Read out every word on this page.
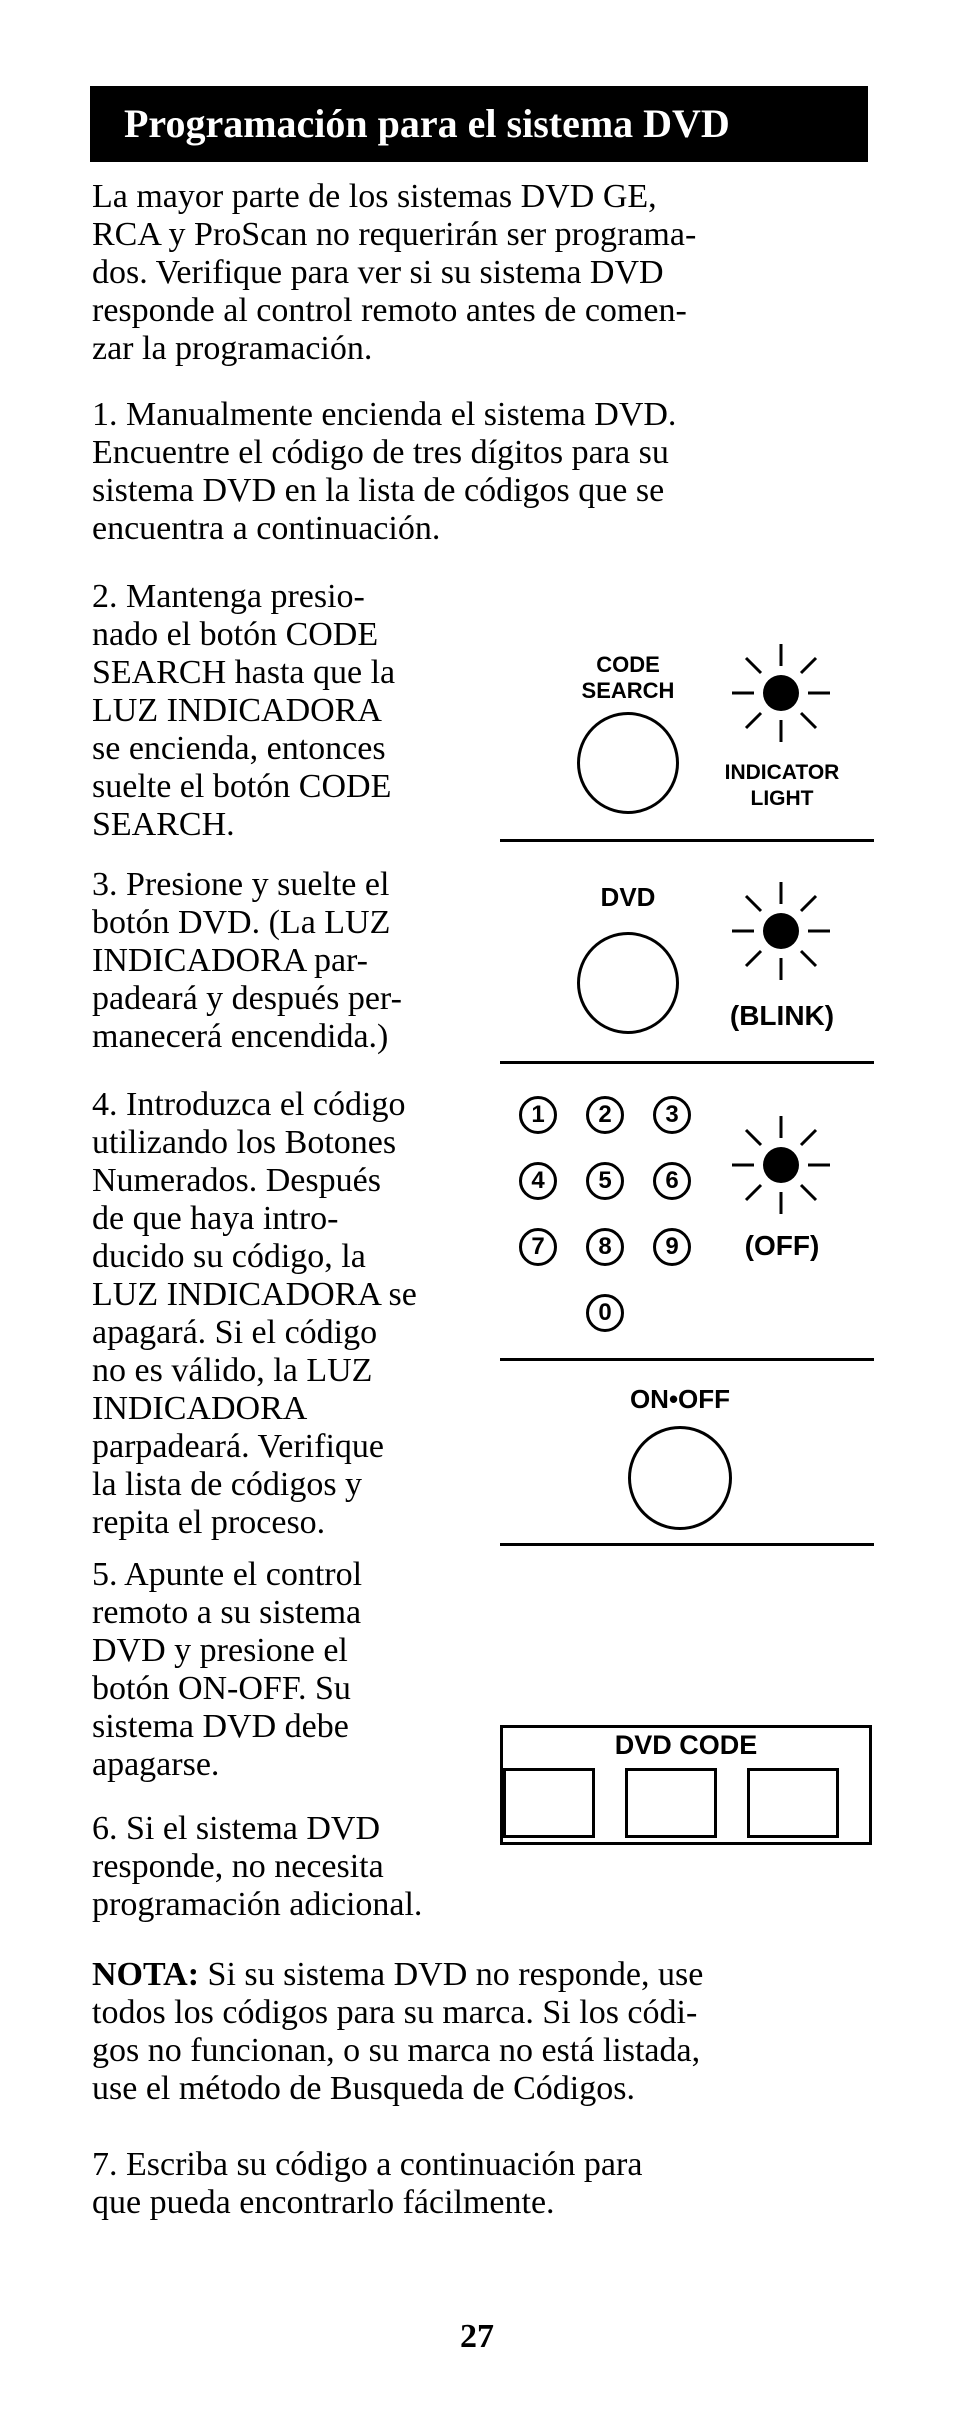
Programación para el sistema DVD
La mayor parte de los sistemas DVD GE,
RCA y ProScan no requerirán ser programa-
dos. Verifique para ver si su sistema DVD
responde al control remoto antes de comen-
zar la programación.
1. Manualmente encienda el sistema DVD.
Encuentre el código de tres dígitos para su
sistema DVD en la lista de códigos que se
encuentra a continuación.
2. Mantenga presio-
nado el botón CODE
SEARCH hasta que la
LUZ INDICADORA
se encienda, entonces
suelte el botón CODE
SEARCH.
CODE
SEARCH
INDICATOR
LIGHT
3. Presione y suelte el
botón DVD. (La LUZ
INDICADORA par-
padeará y después per-
manecerá encendida.)
DVD
(BLINK)
4. Introduzca el código
utilizando los Botones
Numerados. Después
de que haya intro-
ducido su código, la
LUZ INDICADORA se
apagará. Si el código
no es válido, la LUZ
INDICADORA
parpadeará. Verifique
la lista de códigos y
repita el proceso.
1	2	3
4	5	6
7	8	9
0
(OFF)
ON•OFF
5. Apunte el control
remoto a su sistema
DVD y presione el
botón ON-OFF. Su
sistema DVD debe
apagarse.
6. Si el sistema DVD
responde, no necesita
programación adicional.
DVD CODE
NOTA: Si su sistema DVD no responde, use
todos los códigos para su marca. Si los códi-
gos no funcionan, o su marca no está listada,
use el método de Busqueda de Códigos.
7. Escriba su código a continuación para
que pueda encontrarlo fácilmente.
27
